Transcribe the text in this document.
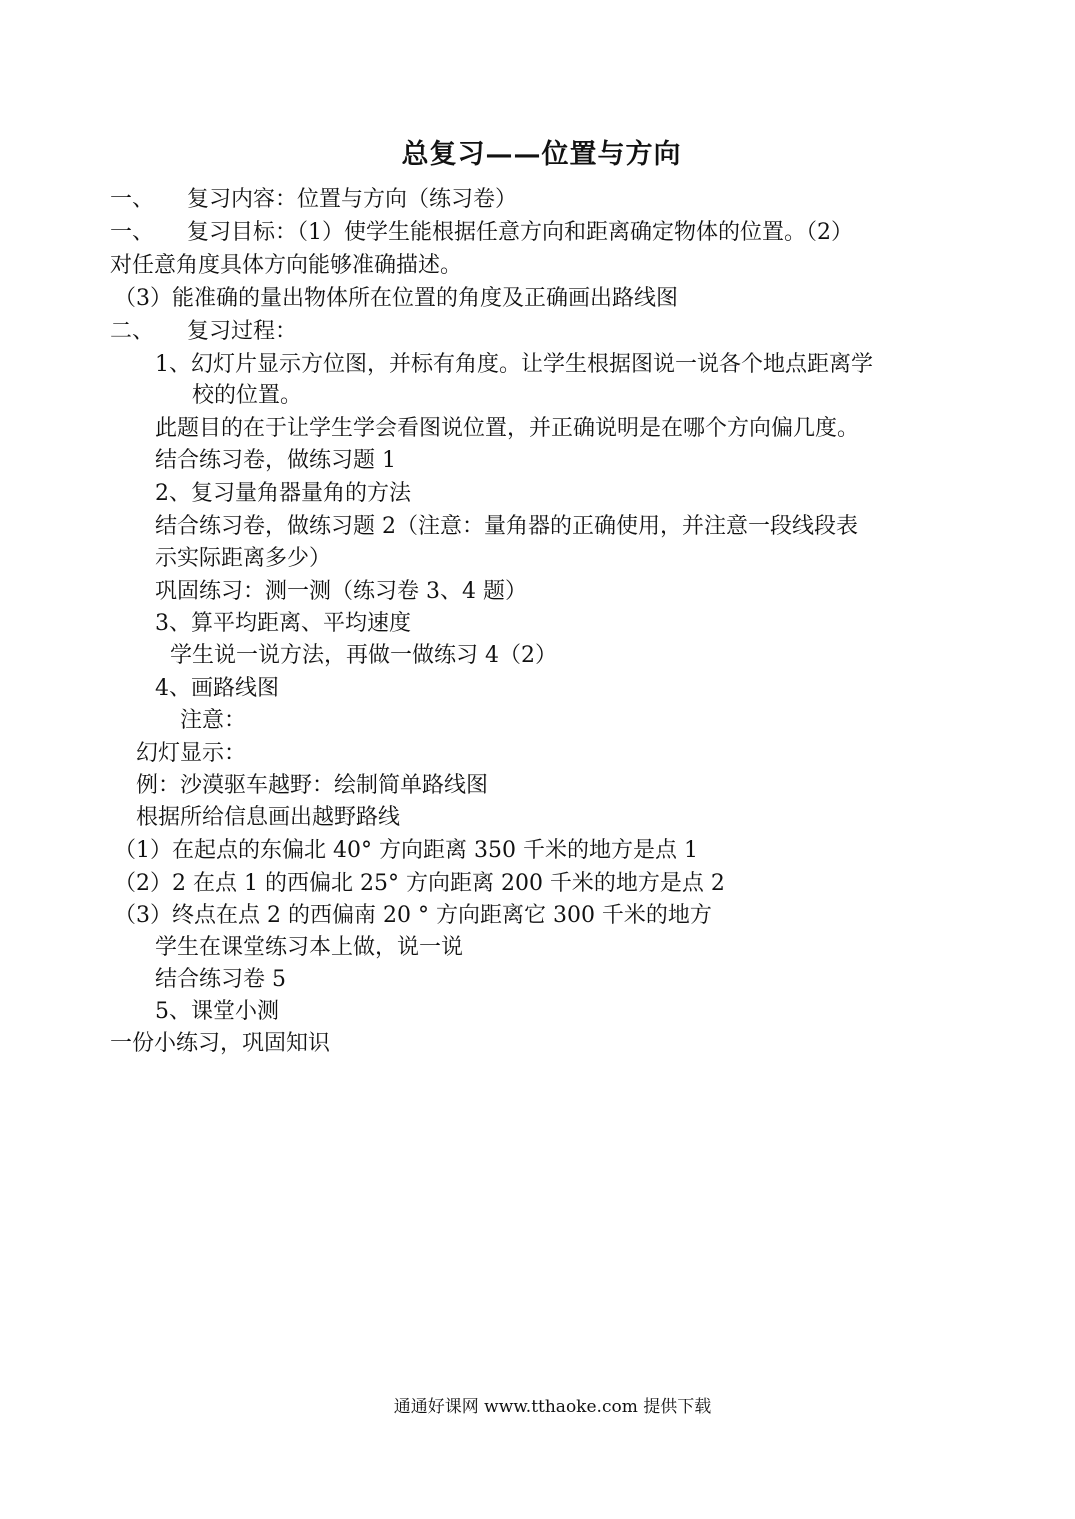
总复习——位置与方向
一、　　复习内容：位置与方向（练习卷）
一、　　复习目标：（1）使学生能根据任意方向和距离确定物体的位置。（2）
对任意角度具体方向能够准确描述。
（3）能准确的量出物体所在位置的角度及正确画出路线图
二、　　复习过程：
1、幻灯片显示方位图，并标有角度。让学生根据图说一说各个地点距离学
校的位置。
此题目的在于让学生学会看图说位置，并正确说明是在哪个方向偏几度。
结合练习卷，做练习题 1
2、复习量角器量角的方法
结合练习卷，做练习题 2（注意：量角器的正确使用，并注意一段线段表
示实际距离多少）
巩固练习：测一测（练习卷 3、4 题）
3、算平均距离、平均速度
学生说一说方法，再做一做练习 4（2）
4、画路线图
注意：
幻灯显示：
例：沙漠驱车越野：绘制简单路线图
根据所给信息画出越野路线
（1）在起点的东偏北 40° 方向距离 350 千米的地方是点 1
（2）2 在点 1 的西偏北 25° 方向距离 200 千米的地方是点 2
（3）终点在点 2 的西偏南 20 ° 方向距离它 300 千米的地方
学生在课堂练习本上做，说一说
结合练习卷 5
5、课堂小测
一份小练习，巩固知识
通通好课网 www.tthaoke.com 提供下载
